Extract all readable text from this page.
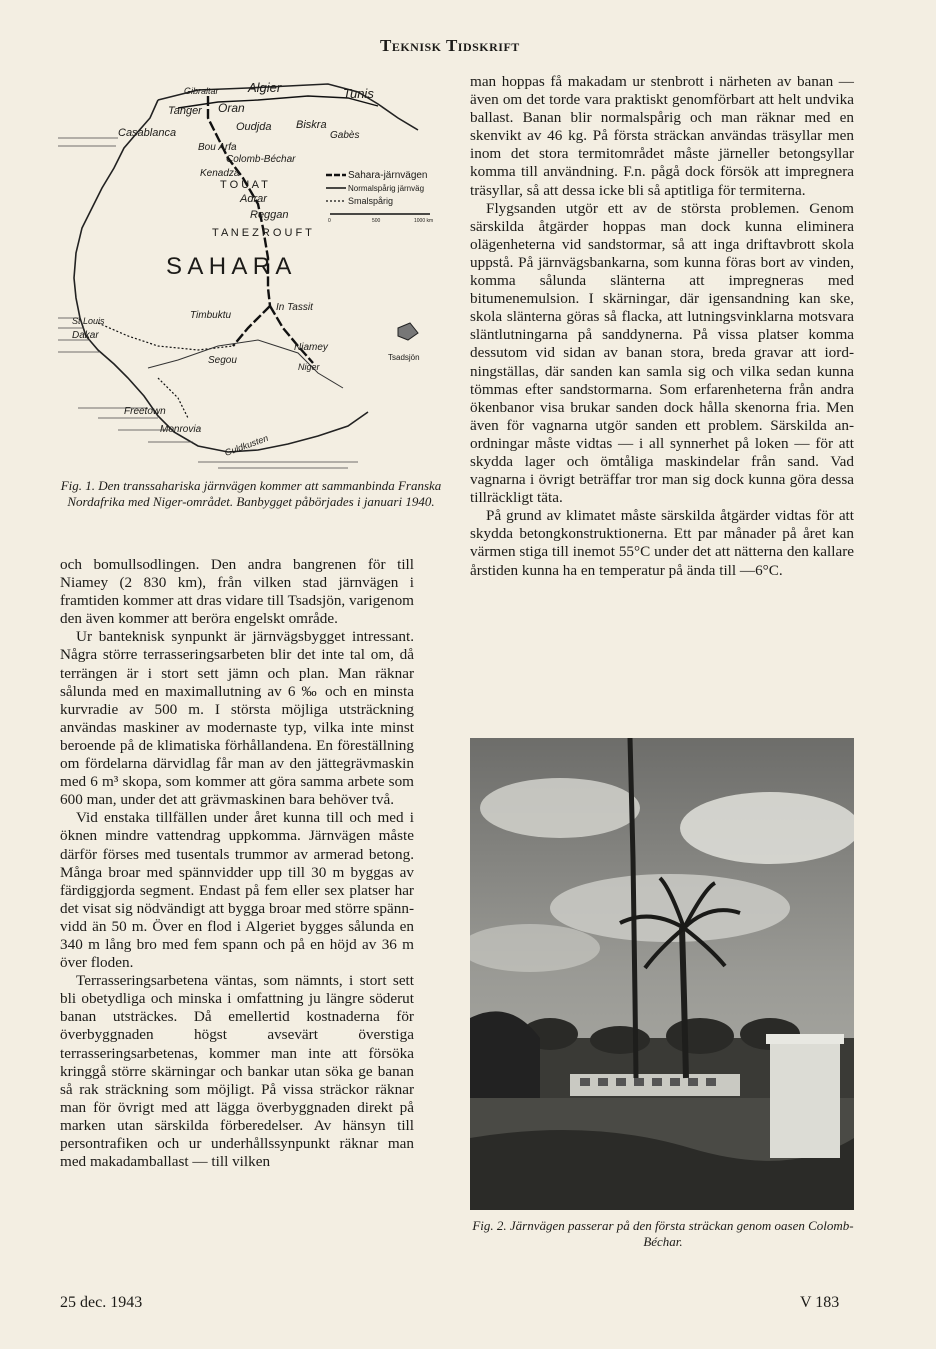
Teknisk Tidskrift
Gibraltar Algier	Tunis
Tanger Oran
Casablanca	Oudjda Biskra
Gabès
Bou Arfa
Colomb-Béchar
Kenadza
T O U A T
Adrar
Reggan
T A N E Z R O U F T
S A H A R A
Timbuktu
In Tassit
St Louis
Dakar
Niamey
Niger
Segou	Tsadsjön
Freetown
Monrovia
Guldkusten
Sahara-järnvägen
Normalspårig järnväg
Smalspårig
0	500	1000 km
Fig. 1. Den transsahariska järnvägen kommer att sammanbinda Franska Nordafrika med Niger-området. Banbygget påbörjades i januari 1940.

och bomullsodlingen. Den andra bangrenen för till Niamey (2 830 km), från vilken stad järnvägen i framtiden kommer att dras vidare till Tsadsjön, varigenom den även kommer att beröra engelskt område.

Ur banteknisk synpunkt är järnvägsbygget intressant. Några större terrasseringsarbeten blir det inte tal om, då terrängen är i stort sett jämn och plan. Man räknar sålunda med en maximallutning av 6 ‰ och en minsta kurvradie av 500 m. I största möjliga utsträckning användas maskiner av modernaste typ, vilka inte minst beroende på de klimatiska förhållandena. En föreställning om fördelarna därvidlag får man av den jättegrävmaskin med 6 m³ skopa, som kommer att göra samma arbete som 600 man, under det att grävmaskinen bara behöver två.

Vid enstaka tillfällen under året kunna till och med i öknen mindre vattendrag uppkomma. Järnvägen måste därför förses med tusentals trummor av armerad betong. Många broar med spännvidder upp till 30 m byggas av färdiggjorda segment. Endast på fem eller sex platser har det visat sig nödvändigt att bygga broar med större spännvidd än 50 m. Över en flod i Algeriet bygges sålunda en 340 m lång bro med fem spann och på en höjd av 36 m över floden.

Terrasseringsarbetena väntas, som nämnts, i stort sett bli obetydliga och minska i omfattning ju längre söderut banan utsträckes. Då emellertid kostnaderna för överbyggnaden högst avsevärt överstiga terrasseringsarbetenas, kommer man inte att försöka kringgå större skärningar och bankar utan söka ge banan så rak sträckning som möjligt. På vissa sträckor räknar man för övrigt med att lägga överbyggnaden direkt på marken utan särskilda förberedelser. Av hänsyn till persontrafiken och ur underhållssynpunkt räknar man med makadamballast — till vilken

man hoppas få makadam ur stenbrott i närheten av banan — även om det torde vara praktiskt genomförbart att helt undvika ballast. Banan blir normalspårig och man räknar med en skenvikt av 46 kg. På första sträckan användas träsyllar men inom det stora termitområdet måste järneller betongsyllar komma till användning. F.n. pågå dock försök att impregnera träsyllar, så att dessa icke bli så aptitliga för termiterna.

Flygsanden utgör ett av de största problemen. Genom särskilda åtgärder hoppas man dock kunna eliminera olägenheterna vid sandstormar, så att inga driftavbrott skola uppstå. På järnvägsbankarna, som kunna föras bort av vinden, komma sålunda slänterna att impregneras med bitumenemulsion. I skärningar, där igensandning kan ske, skola slänterna göras så flacka, att lutningsvinklarna motsvara släntlutningarna på sanddynerna. På vissa platser komma dessutom vid sidan av banan stora, breda gravar att iordningställas, där sanden kan samla sig och vilka sedan kunna tömmas efter sandstormarna. Som erfarenheterna från andra ökenbanor visa brukar sanden dock hålla skenorna fria. Men även för vagnarna utgör sanden ett problem. Särskilda anordningar måste vidtas — i all synnerhet på loken — för att skydda lager och ömtåliga maskindelar från sand. Vad vagnarna i övrigt beträffar tror man sig dock kunna göra dessa tillräckligt täta.

På grund av klimatet måste särskilda åtgärder vidtas för att skydda betongkonstruktionerna. Ett par månader på året kan värmen stiga till inemot 55°C under det att nätterna den kallare årstiden kunna ha en temperatur på ända till —6°C.

Fig. 2. Järnvägen passerar på den första sträckan genom oasen Colomb-Béchar.
25 dec. 1943	V 183
